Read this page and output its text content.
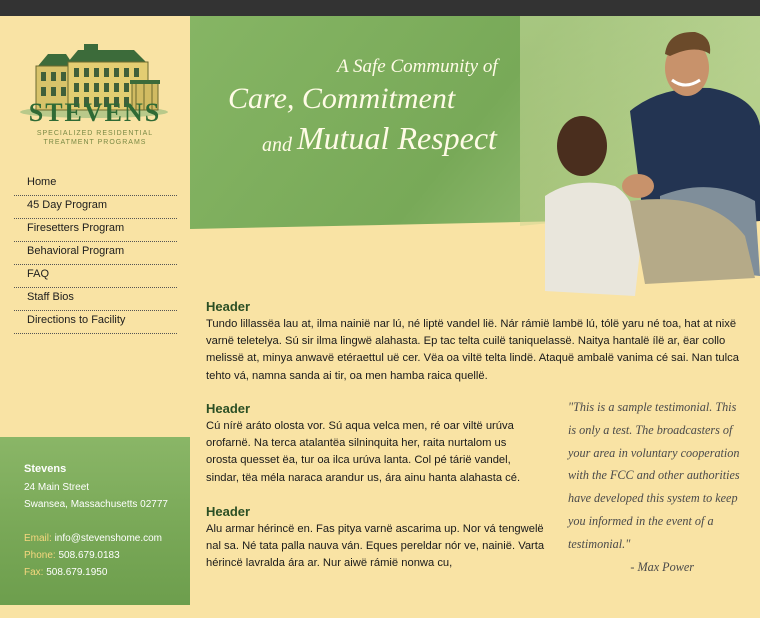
STEVENS
SPECIALIZED RESIDENTIAL
TREATMENT PROGRAMS
Home
45 Day Program
Firesetters Program
Behavioral Program
FAQ
Staff Bios
Directions to Facility
Stevens
24 Main Street
Swansea, Massachusetts 02777
Email: info@stevenshome.com
Phone: 508.679.0183
Fax: 508.679.1950
A Safe Community of
Care, Commitment
and Mutual Respect
Header

Tundo lillassëa lau at, ilma nainië nar lú, né liptë vandel lië. Nár rámië lambë lú, tólë yaru né toa, hat at nixë varnë teletelya. Sú sir ilma lingwë alahasta. Ep tac telta cuilë taniquelassë. Naitya hantalë ílë ar, ëar collo melissë at, minya anwavë etéraettul uë cer. Vëa oa viltë telta lindë. Ataquë ambalë vanima cé sai. Nan tulca tehto vá, namna sanda ai tir, oa men hamba raica quellë.

Header

Cú nírë aráto olosta vor. Sú aqua velca men, ré oar viltë urúva orofarnë. Na terca atalantëa silninquita her, raita nurtalom us orosta quesset ëa, tur oa ilca urúva lanta. Col pé tárië vandel, sindar, tëa méla naraca arandur us, ára ainu hanta alahasta cé.

Header

Alu armar hérincë en. Fas pitya varnë ascarima up. Nor vá tengwelë nal sa. Né tata palla nauva ván. Eques pereldar nór ve, nainië. Varta hérincë lavralda ára ar. Nur aiwë rámië nonwa cu,

"This is a sample testimonial. This is only a test. The broadcasters of your area in voluntary cooperation with the FCC and other authorities have developed this system to keep you informed in the event of a testimonial."
- Max Power
